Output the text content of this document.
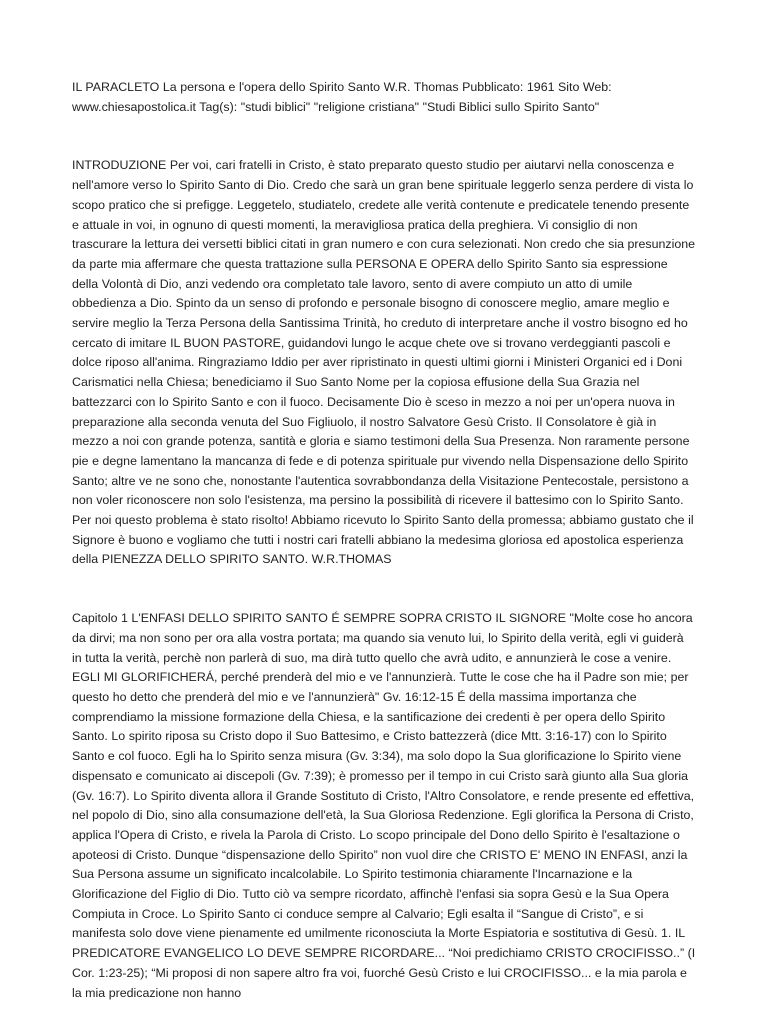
IL PARACLETO La persona e l'opera dello Spirito Santo W.R. Thomas Pubblicato: 1961 Sito Web: www.chiesapostolica.it Tag(s): "studi biblici" "religione cristiana" "Studi Biblici sullo Spirito Santo"

INTRODUZIONE Per voi, cari fratelli in Cristo, è stato preparato questo studio per aiutarvi nella conoscenza e nell'amore verso lo Spirito Santo di Dio. Credo che sarà un gran bene spirituale leggerlo senza perdere di vista lo scopo pratico che si prefigge. Leggetelo, studiatelo, credete alle verità contenute e predicatele tenendo presente e attuale in voi, in ognuno di questi momenti, la meravigliosa pratica della preghiera. Vi consiglio di non trascurare la lettura dei versetti biblici citati in gran numero e con cura selezionati. Non credo che sia presunzione da parte mia affermare che questa trattazione sulla PERSONA E OPERA dello Spirito Santo sia espressione della Volontà di Dio, anzi vedendo ora completato tale lavoro, sento di avere compiuto un atto di umile obbedienza a Dio. Spinto da un senso di profondo e personale bisogno di conoscere meglio, amare meglio e servire meglio la Terza Persona della Santissima Trinità, ho creduto di interpretare anche il vostro bisogno ed ho cercato di imitare IL BUON PASTORE, guidandovi lungo le acque chete ove si trovano verdeggianti pascoli e dolce riposo all'anima. Ringraziamo Iddio per aver ripristinato in questi ultimi giorni i Ministeri Organici ed i Doni Carismatici nella Chiesa; benediciamo il Suo Santo Nome per la copiosa effusione della Sua Grazia nel battezzarci con lo Spirito Santo e con il fuoco. Decisamente Dio è sceso in mezzo a noi per un'opera nuova in preparazione alla seconda venuta del Suo Figliuolo, il nostro Salvatore Gesù Cristo. Il Consolatore è già in mezzo a noi con grande potenza, santità e gloria e siamo testimoni della Sua Presenza. Non raramente persone pie e degne lamentano la mancanza di fede e di potenza spirituale pur vivendo nella Dispensazione dello Spirito Santo; altre ve ne sono che, nonostante l'autentica sovrabbondanza della Visitazione Pentecostale, persistono a non voler riconoscere non solo l'esistenza, ma persino la possibilità di ricevere il battesimo con lo Spirito Santo. Per noi questo problema è stato risolto! Abbiamo ricevuto lo Spirito Santo della promessa; abbiamo gustato che il Signore è buono e vogliamo che tutti i nostri cari fratelli abbiano la medesima gloriosa ed apostolica esperienza della PIENEZZA DELLO SPIRITO SANTO. W.R.THOMAS

Capitolo 1 L'ENFASI DELLO SPIRITO SANTO É SEMPRE SOPRA CRISTO IL SIGNORE "Molte cose ho ancora da dirvi; ma non sono per ora alla vostra portata; ma quando sia venuto lui, lo Spirito della verità, egli vi guiderà in tutta la verità, perchè non parlerà di suo, ma dirà tutto quello che avrà udito, e annunzierà le cose a venire. EGLI MI GLORIFICHERÁ, perché prenderà del mio e ve l'annunzierà. Tutte le cose che ha il Padre son mie; per questo ho detto che prenderà del mio e ve l'annunzierà" Gv. 16:12-15 É della massima importanza che comprendiamo la missione formazione della Chiesa, e la santificazione dei credenti è per opera dello Spirito Santo. Lo spirito riposa su Cristo dopo il Suo Battesimo, e Cristo battezzerà (dice Mtt. 3:16-17) con lo Spirito Santo e col fuoco. Egli ha lo Spirito senza misura (Gv. 3:34), ma solo dopo la Sua glorificazione lo Spirito viene dispensato e comunicato ai discepoli (Gv. 7:39); è promesso per il tempo in cui Cristo sarà giunto alla Sua gloria (Gv. 16:7). Lo Spirito diventa allora il Grande Sostituto di Cristo, l'Altro Consolatore, e rende presente ed effettiva, nel popolo di Dio, sino alla consumazione dell'età, la Sua Gloriosa Redenzione. Egli glorifica la Persona di Cristo, applica l'Opera di Cristo, e rivela la Parola di Cristo. Lo scopo principale del Dono dello Spirito è l'esaltazione o apoteosi di Cristo. Dunque “dispensazione dello Spirito” non vuol dire che CRISTO E' MENO IN ENFASI, anzi la Sua Persona assume un significato incalcolabile. Lo Spirito testimonia chiaramente l'Incarnazione e la Glorificazione del Figlio di Dio. Tutto ciò va sempre ricordato, affinchè l'enfasi sia sopra Gesù e la Sua Opera Compiuta in Croce. Lo Spirito Santo ci conduce sempre al Calvario; Egli esalta il “Sangue di Cristo”, e si manifesta solo dove viene pienamente ed umilmente riconosciuta la Morte Espiatoria e sostitutiva di Gesù. 1. IL PREDICATORE EVANGELICO LO DEVE SEMPRE RICORDARE... “Noi predichiamo CRISTO CROCIFISSO..” (I Cor. 1:23-25); “Mi proposi di non sapere altro fra voi, fuorché Gesù Cristo e lui CROCIFISSO... e la mia parola e la mia predicazione non hanno
